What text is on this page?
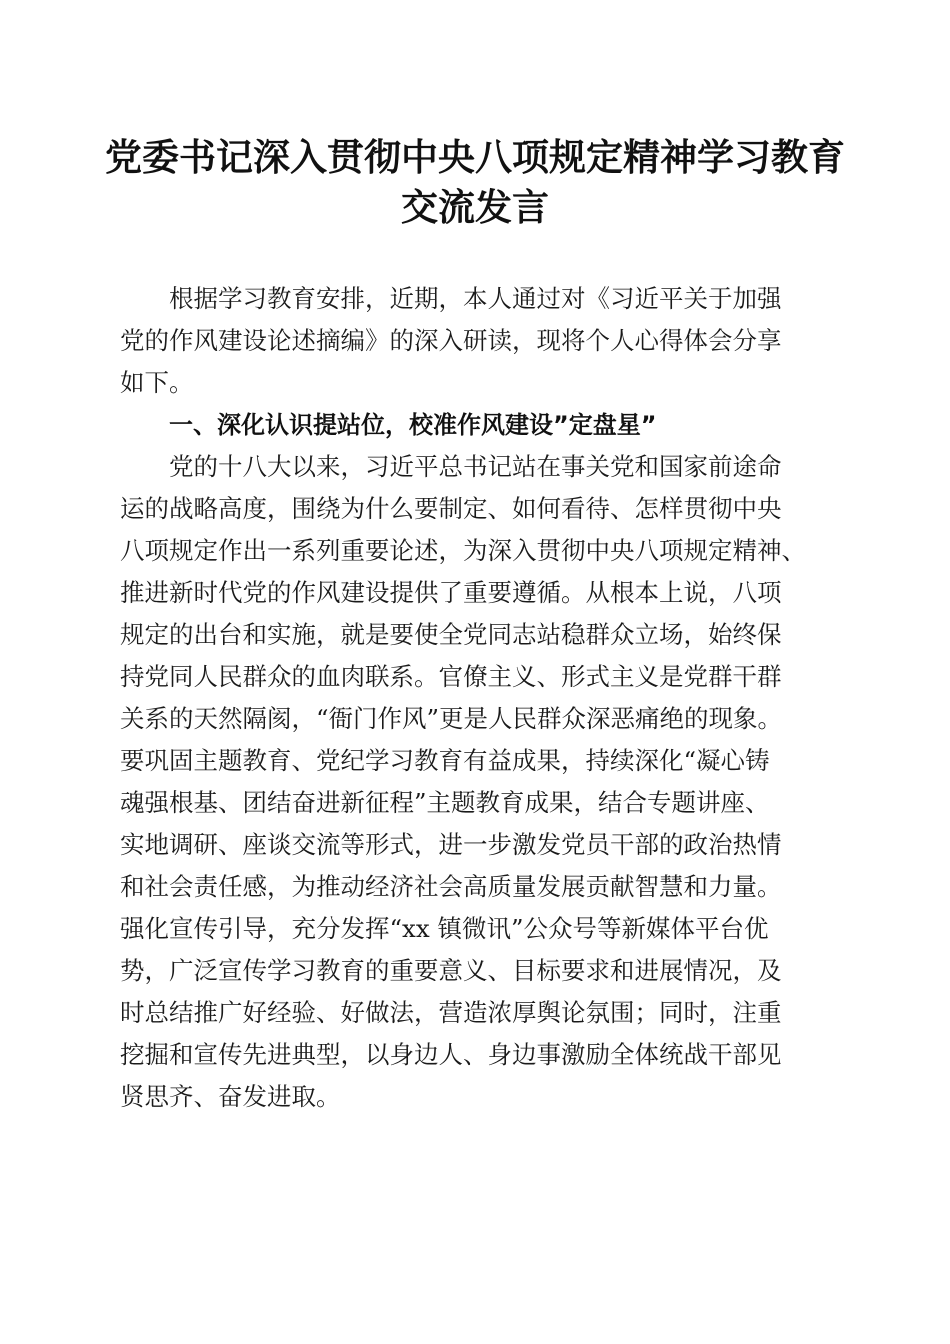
党委书记深入贯彻中央八项规定精神学习教育
交流发言
根据学习教育安排，近期，本人通过对《习近平关于加强
党的作风建设论述摘编》的深入研读，现将个人心得体会分享
如下。
一、深化认识提站位，校准作风建设”定盘星”
党的十八大以来，习近平总书记站在事关党和国家前途命
运的战略高度，围绕为什么要制定、如何看待、怎样贯彻中央
八项规定作出一系列重要论述，为深入贯彻中央八项规定精神、
推进新时代党的作风建设提供了重要遵循。从根本上说，八项
规定的出台和实施，就是要使全党同志站稳群众立场，始终保
持党同人民群众的血肉联系。官僚主义、形式主义是党群干群
关系的天然隔阂，“衙门作风”更是人民群众深恶痛绝的现象。
要巩固主题教育、党纪学习教育有益成果，持续深化“凝心铸
魂强根基、团结奋进新征程”主题教育成果，结合专题讲座、
实地调研、座谈交流等形式，进一步激发党员干部的政治热情
和社会责任感，为推动经济社会高质量发展贡献智慧和力量。
强化宣传引导，充分发挥“xx 镇微讯”公众号等新媒体平台优
势，广泛宣传学习教育的重要意义、目标要求和进展情况，及
时总结推广好经验、好做法，营造浓厚舆论氛围；同时，注重
挖掘和宣传先进典型，以身边人、身边事激励全体统战干部见
贤思齐、奋发进取。
